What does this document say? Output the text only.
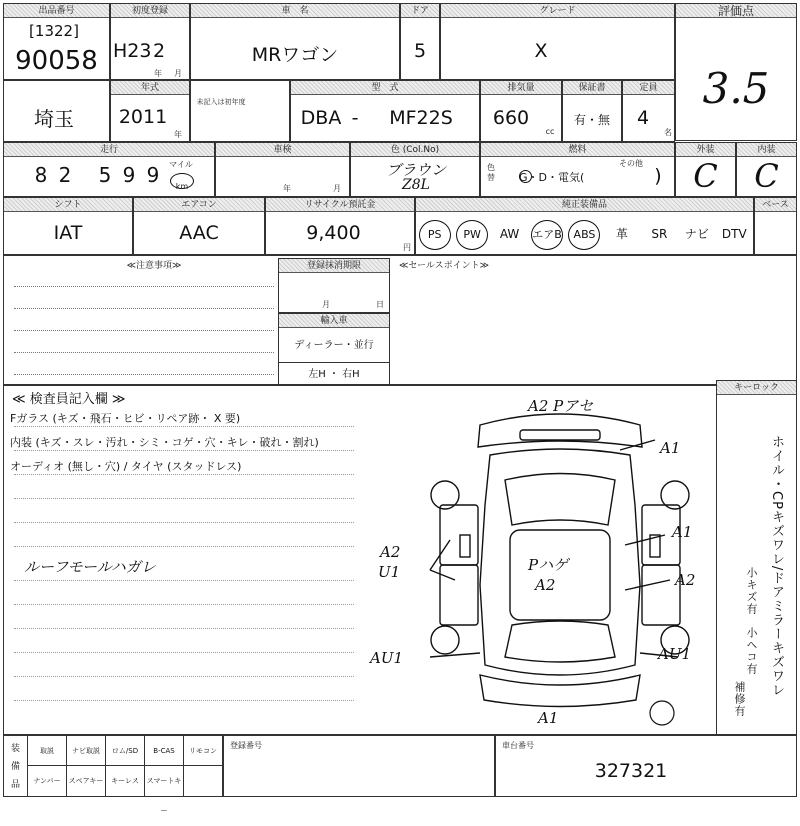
出品番号
[1322]
90058
初度登録
H23 2
年	月
車　名
MRワゴン
ドア
5
グレード
X
評価点
3.5
埼玉
年式
2011
年
未記入は初年度
型　式
DBA -	MF22S
排気量
660
cc
保証書
有・無
定員
4
名
走行
8 2 5 9 9	マイル
km
車検
年	月
色 (Col.No)
ブラウン
Z8L
燃料
色替 G・D・電気(
その他
)
外装
C
内装
C
シフト
IAT
エアコン
AAC
リサイクル預託金
9,400
円
純正装備品
PS	PW	AW	エアB	ABS	革	SR	ナビ	DTV
ベース
≪注意事項≫	≪セールスポイント≫
登録抹消期限
月	日
輸入車
ディーラー・並行
左H ・ 右H
≪ 検査員記入欄 ≫
Fガラス (キズ・飛石・ヒビ・リペア跡・ X 要)
内装 (キズ・スレ・汚れ・シミ・コゲ・穴・キレ・破れ・割れ)
オーディオ (無し・穴) / タイヤ (スタッドレス)
ルーフモールハガレ
キーロック
ホイル・CPキズワレ/ドアミラーキズワレ
小キズ有
小ヘコ有
補修有
A2 Pアセ
A1
A1
A2
A2
U1	Pハゲ
A2
AU1	AU1
A1
装
備
品
取説	ナビ取説	ロム/SD	B-CAS	リモコン
ナンバー	スペアキー	キーレス	スマートキー
登録番号	車台番号
327321
